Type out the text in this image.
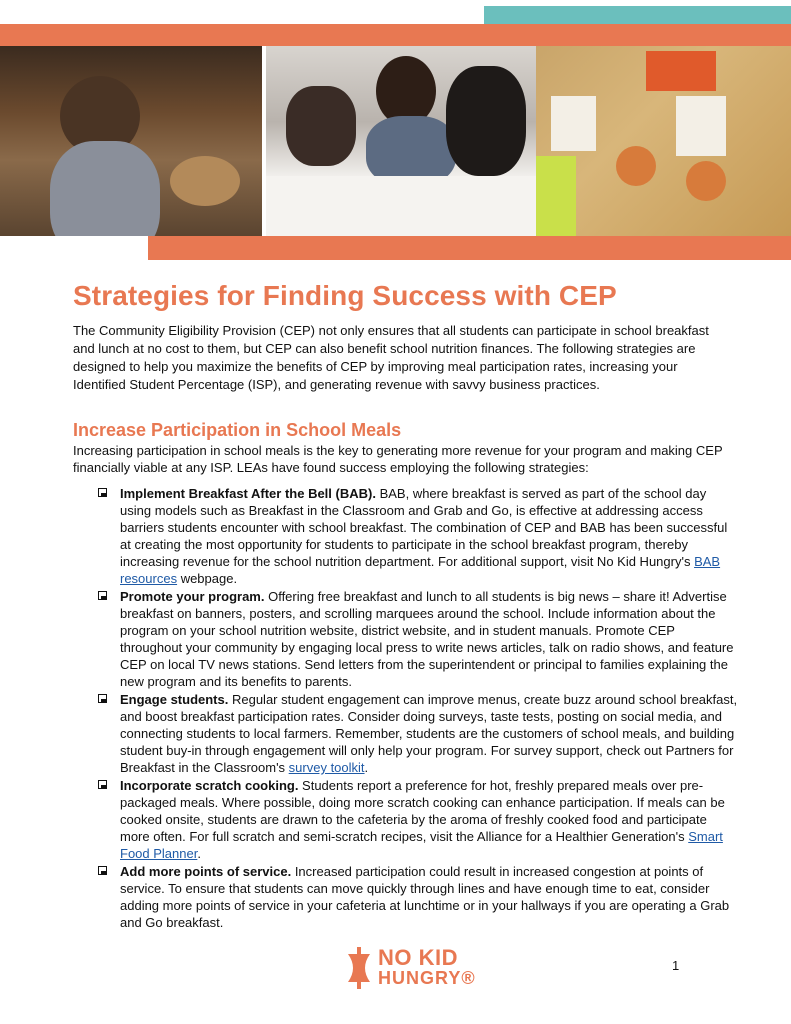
Strategies for Finding Success with CEP

The Community Eligibility Provision (CEP) not only ensures that all students can participate in school breakfast and lunch at no cost to them, but CEP can also benefit school nutrition finances. The following strategies are designed to help you maximize the benefits of CEP by improving meal participation rates, increasing your Identified Student Percentage (ISP), and generating revenue with savvy business practices.

Increase Participation in School Meals

Increasing participation in school meals is the key to generating more revenue for your program and making CEP financially viable at any ISP. LEAs have found success employing the following strategies:

Implement Breakfast After the Bell (BAB). BAB, where breakfast is served as part of the school day using models such as Breakfast in the Classroom and Grab and Go, is effective at addressing access barriers students encounter with school breakfast. The combination of CEP and BAB has been successful at creating the most opportunity for students to participate in the school breakfast program, thereby increasing revenue for the school nutrition department. For additional support, visit No Kid Hungry's BAB resources webpage.
Promote your program. Offering free breakfast and lunch to all students is big news – share it! Advertise breakfast on banners, posters, and scrolling marquees around the school. Include information about the program on your school nutrition website, district website, and in student manuals. Promote CEP throughout your community by engaging local press to write news articles, talk on radio shows, and feature CEP on local TV news stations. Send letters from the superintendent or principal to families explaining the new program and its benefits to parents.
Engage students. Regular student engagement can improve menus, create buzz around school breakfast, and boost breakfast participation rates. Consider doing surveys, taste tests, posting on social media, and connecting students to local farmers. Remember, students are the customers of school meals, and building student buy-in through engagement will only help your program. For survey support, check out Partners for Breakfast in the Classroom's survey toolkit.
Incorporate scratch cooking. Students report a preference for hot, freshly prepared meals over pre-packaged meals. Where possible, doing more scratch cooking can enhance participation. If meals can be cooked onsite, students are drawn to the cafeteria by the aroma of freshly cooked food and participate more often. For full scratch and semi-scratch recipes, visit the Alliance for a Healthier Generation's Smart Food Planner.
Add more points of service. Increased participation could result in increased congestion at points of service. To ensure that students can move quickly through lines and have enough time to eat, consider adding more points of service in your cafeteria at lunchtime or in your hallways if you are operating a Grab and Go breakfast.
NO KID
HUNGRY®
1
